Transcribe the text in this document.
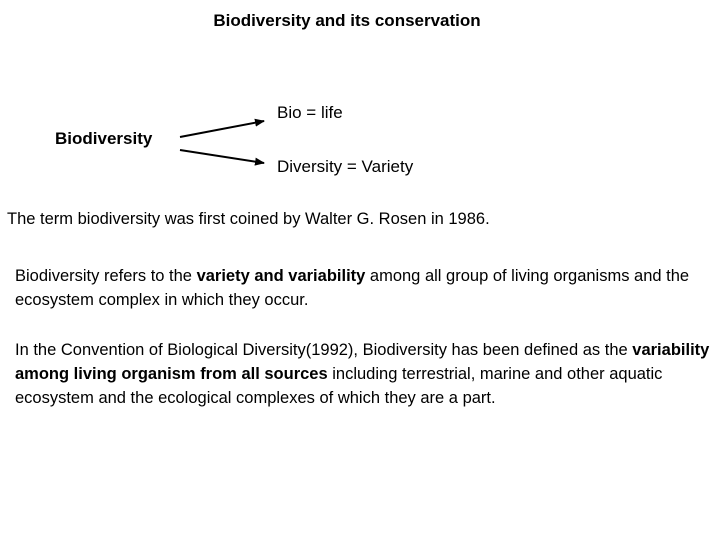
Biodiversity and its conservation
Biodiversity
Bio = life
Diversity = Variety
The term biodiversity was first coined by Walter G. Rosen in 1986.
Biodiversity refers to the variety and variability among all group of living organisms and the ecosystem complex in which they occur.
In the Convention of Biological Diversity(1992), Biodiversity has been defined as the variability among living organism from all sources including terrestrial, marine and other aquatic ecosystem and the ecological complexes of which they are a part.
